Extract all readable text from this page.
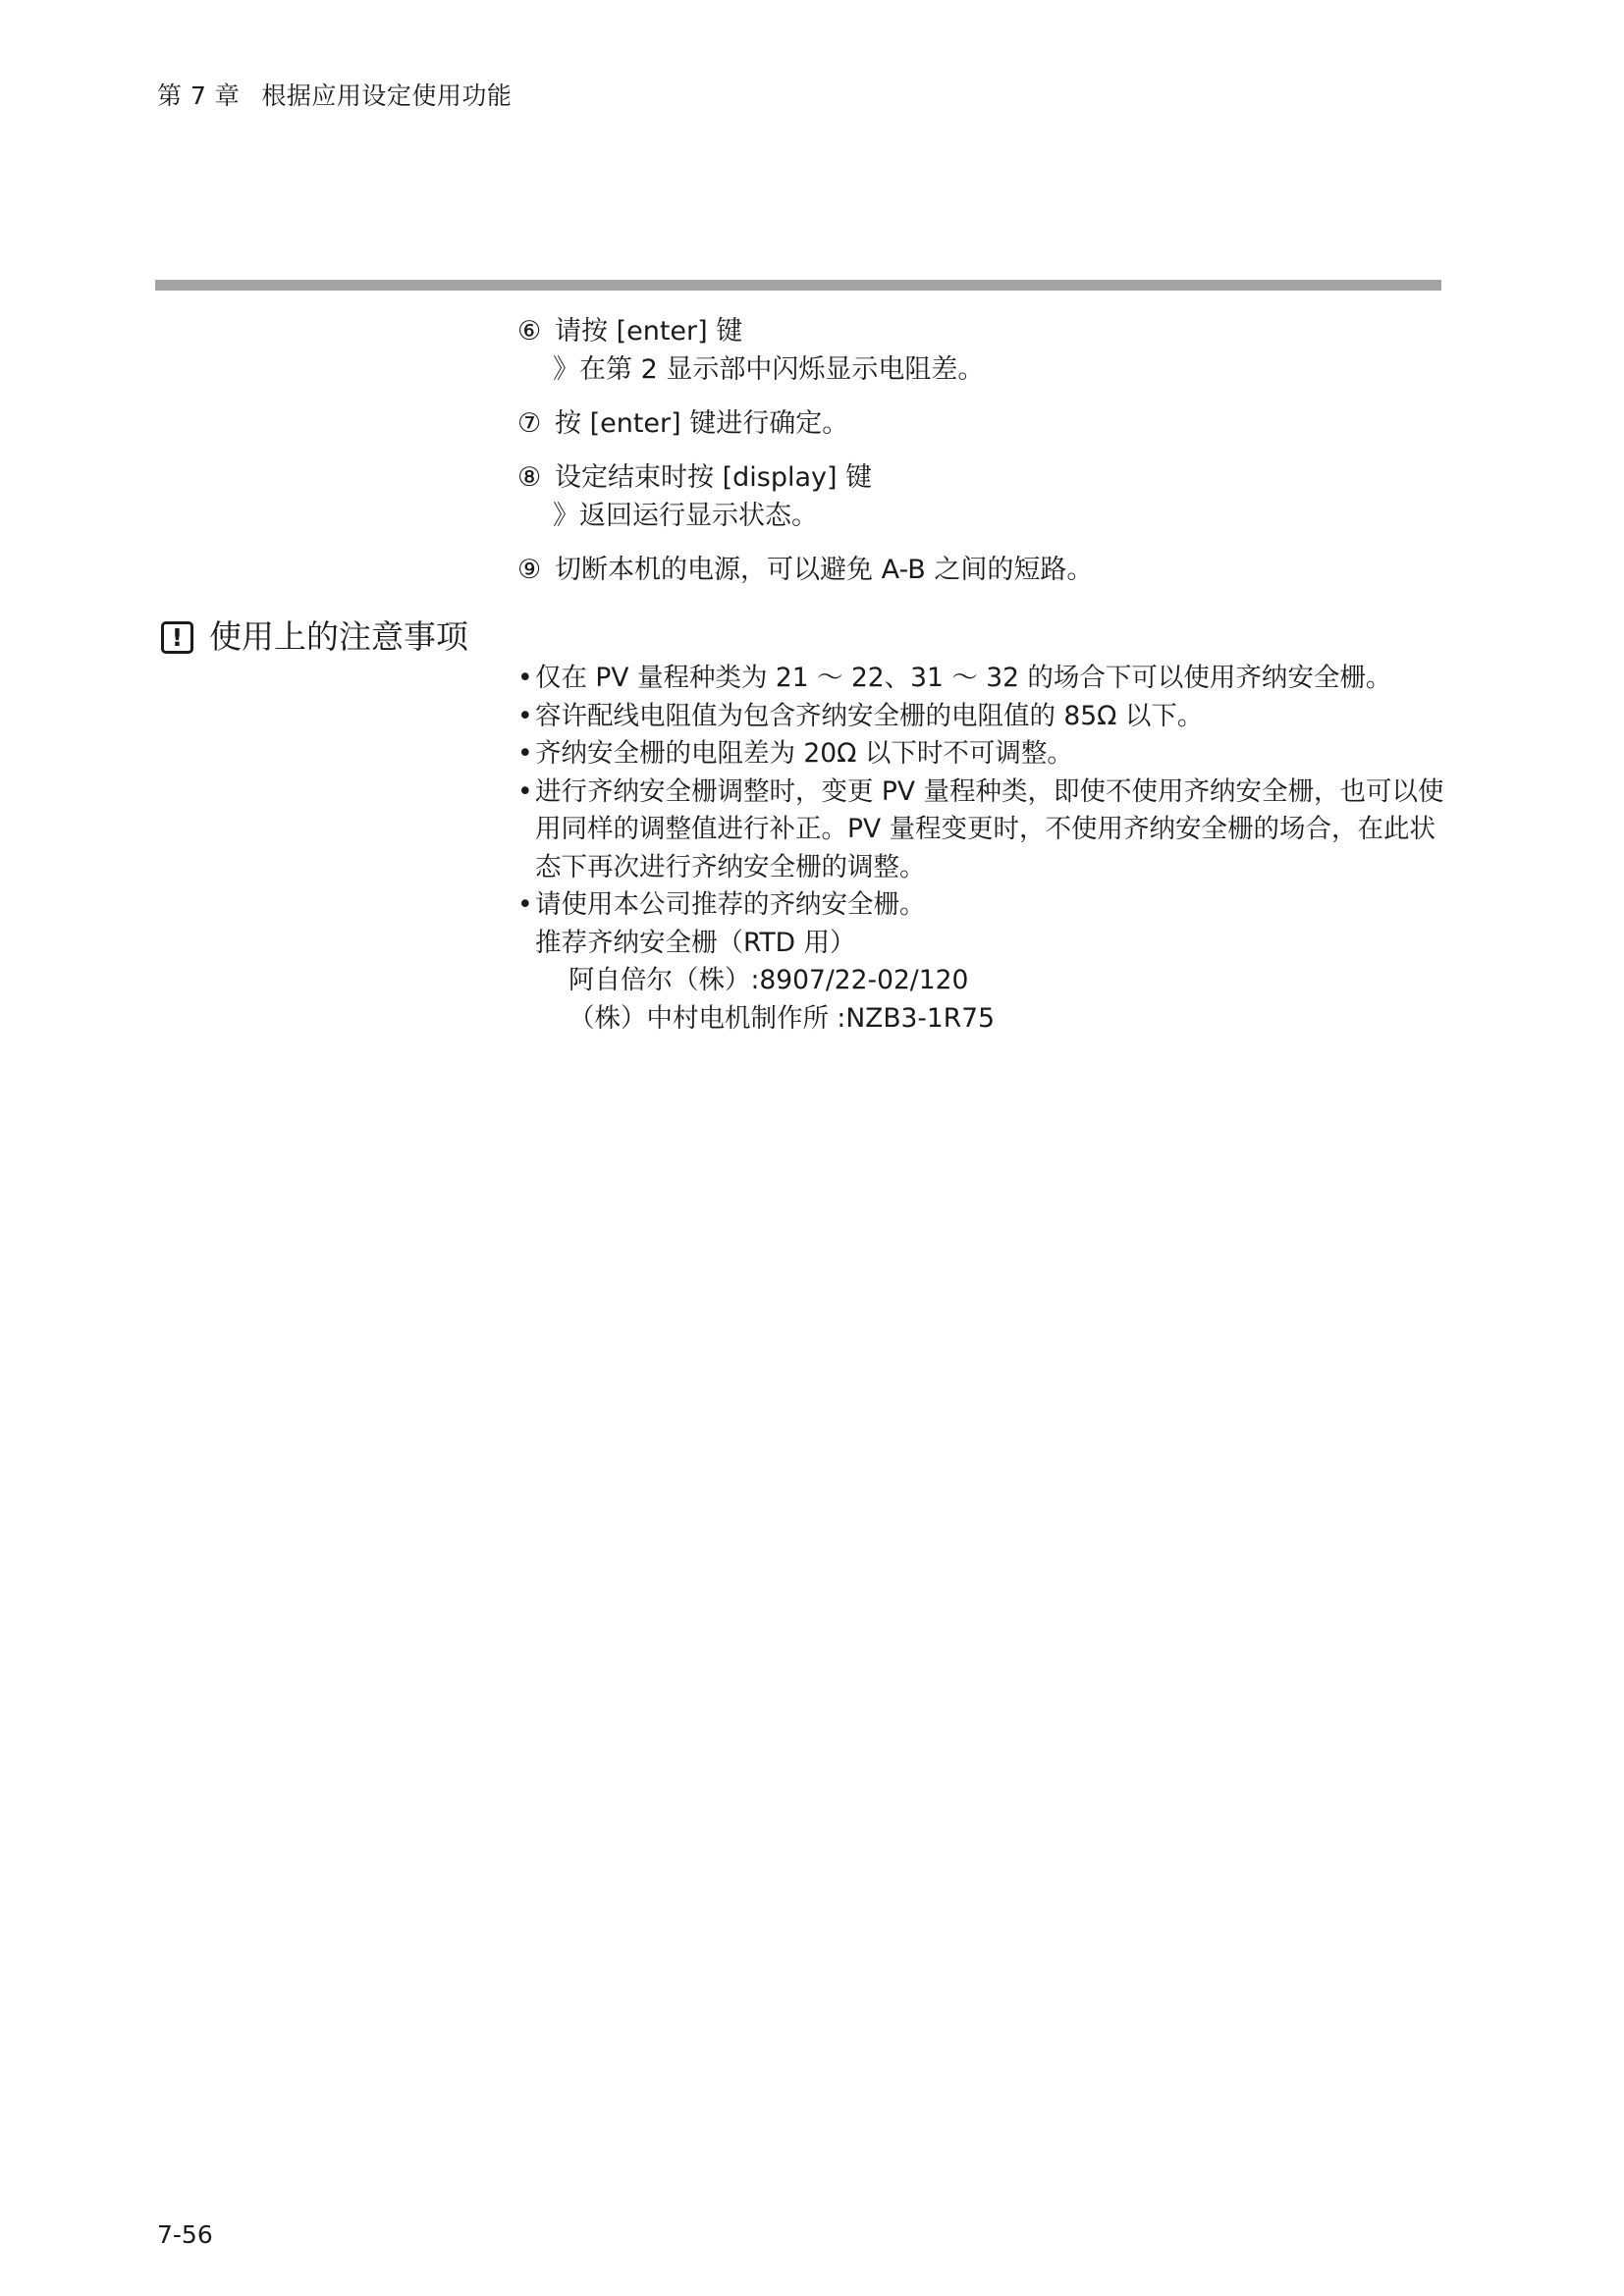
第 7 章 根据应用设定使用功能
⑥ 请按 [enter] 键
》在第 2 显示部中闪烁显示电阻差。
⑦ 按 [enter] 键进行确定。
⑧ 设定结束时按 [display] 键
》返回运行显示状态。
⑨ 切断本机的电源，可以避免 A-B 之间的短路。
! 使用上的注意事项
• 仅在 PV 量程种类为 21 ～ 22、31 ～ 32 的场合下可以使用齐纳安全栅。
• 容许配线电阻值为包含齐纳安全栅的电阻值的 85Ω 以下。
• 齐纳安全栅的电阻差为 20Ω 以下时不可调整。
• 进行齐纳安全栅调整时，变更 PV 量程种类，即使不使用齐纳安全栅，也可以使用同样的调整值进行补正。PV 量程变更时，不使用齐纳安全栅的场合，在此状态下再次进行齐纳安全栅的调整。
• 请使用本公司推荐的齐纳安全栅。
推荐齐纳安全栅（RTD 用）
阿自倍尔（株）:8907/22-02/120
（株）中村电机制作所 :NZB3-1R75
7-56
